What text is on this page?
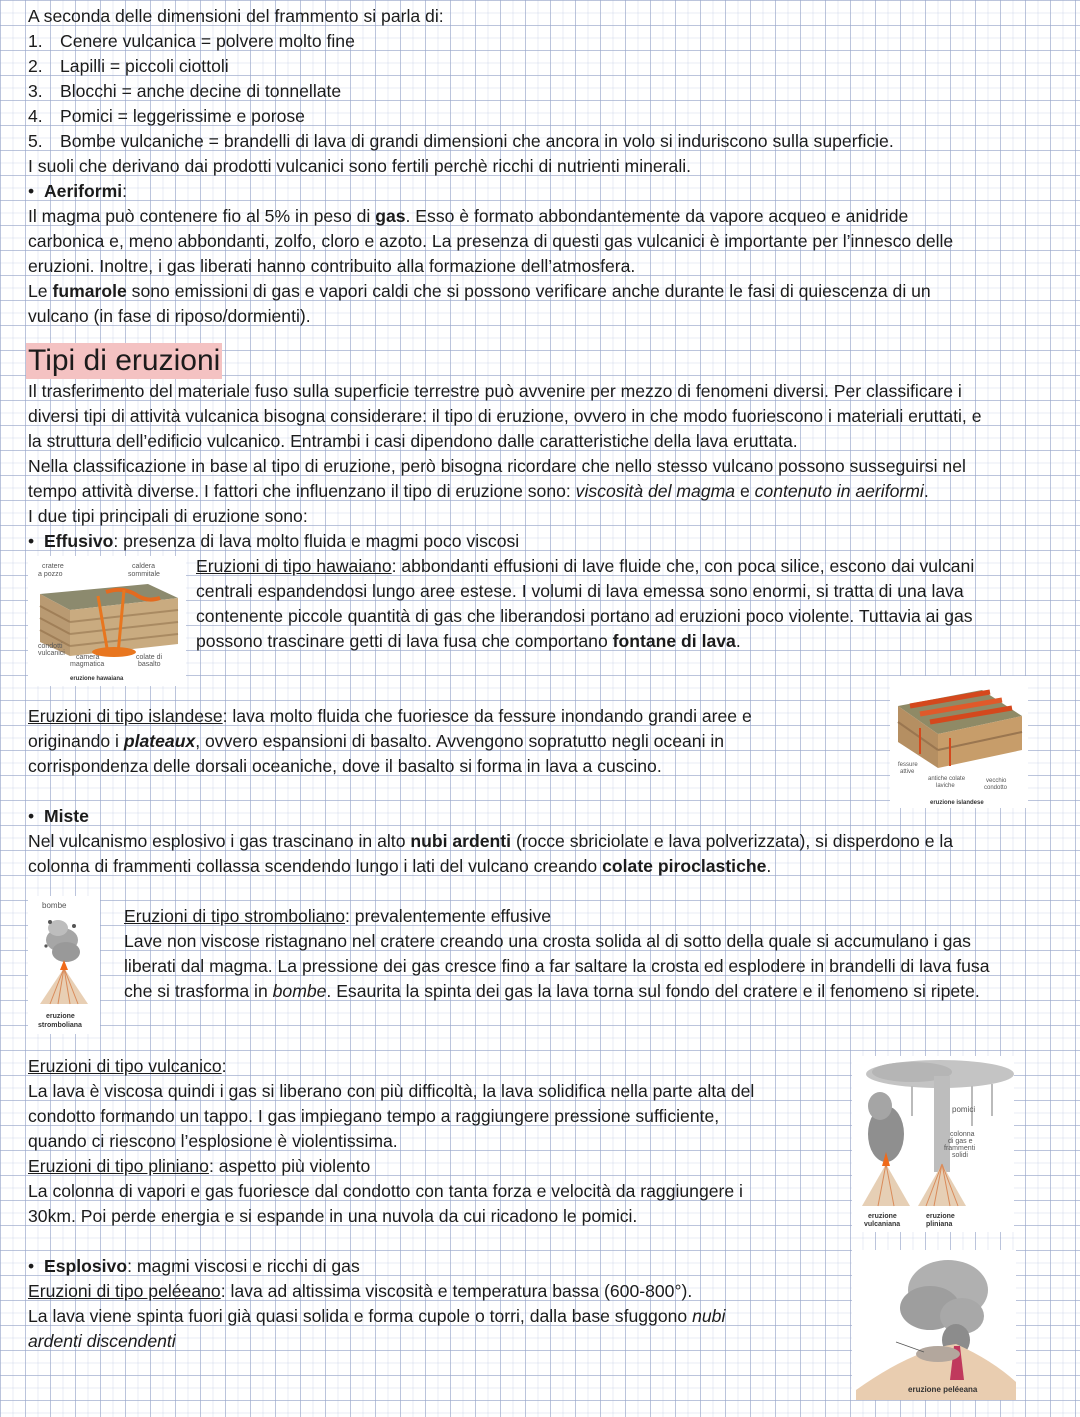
A seconda delle dimensioni del frammento si parla di:
1. Cenere vulcanica = polvere molto fine
2. Lapilli = piccoli ciottoli
3. Blocchi = anche decine di tonnellate
4. Pomici = leggerissime e porose
5. Bombe vulcaniche = brandelli di lava di grandi dimensioni che ancora in volo si induriscono sulla superficie.
I suoli che derivano dai prodotti vulcanici sono fertili perchè ricchi di nutrienti minerali.
• Aeriformi:
Il magma può contenere fio al 5% in peso di gas. Esso è formato abbondantemente da vapore acqueo e anidride
carbonica e, meno abbondanti, zolfo, cloro e azoto. La presenza di questi gas vulcanici è importante per l’innesco delle
eruzioni. Inoltre, i gas liberati hanno contribuito alla formazione dell’atmosfera.
Le fumarole sono emissioni di gas e vapori caldi che si possono verificare anche durante le fasi di quiescenza di un
vulcano (in fase di riposo/dormienti).
Tipi di eruzioni
Il trasferimento del materiale fuso sulla superficie terrestre può avvenire per mezzo di fenomeni diversi. Per classificare i
diversi tipi di attività vulcanica bisogna considerare: il tipo di eruzione, ovvero in che modo fuoriescono i materiali eruttati, e
la struttura dell’edificio vulcanico. Entrambi i casi dipendono dalle caratteristiche della lava eruttata.
Nella classificazione in base al tipo di eruzione, però bisogna ricordare che nello stesso vulcano possono susseguirsi nel
tempo attività diverse. I fattori che influenzano il tipo di eruzione sono: viscosità del magma e contenuto in aeriformi.
I due tipi principali di eruzione sono:
• Effusivo: presenza di lava molto fluida e magmi poco viscosi
cratere
a pozzo
caldera
sommitale
condotti
vulcanici
camera
magmatica
colate di
basalto
eruzione hawaiana
Eruzioni di tipo hawaiano: abbondanti effusioni di lave fluide che, con poca silice, escono dai vulcani
centrali espandendosi lungo aree estese. I volumi di lava emessa sono enormi, si tratta di una lava
contenente piccole quantità di gas che liberandosi portano ad eruzioni poco violente. Tuttavia ai gas
possono trascinare getti di lava fusa che comportano fontane di lava.
Eruzioni di tipo islandese: lava molto fluida che fuoriesce da fessure inondando grandi aree e
originando i plateaux, ovvero espansioni di basalto. Avvengono sopratutto negli oceani in
corrispondenza delle dorsali oceaniche, dove il basalto si forma in lava a cuscino.	fessure
attive
antiche colate
laviche
vecchio
condotto
eruzione islandese
• Miste
Nel vulcanismo esplosivo i gas trascinano in alto nubi ardenti (rocce sbriciolate e lava polverizzata), si disperdono e la
colonna di frammenti collassa scendendo lungo i lati del vulcano creando colate piroclastiche.
bombe
eruzione
stromboliana
Eruzioni di tipo stromboliano: prevalentemente effusive
Lave non viscose ristagnano nel cratere creando una crosta solida al di sotto della quale si accumulano i gas
liberati dal magma. La pressione dei gas cresce fino a far saltare la crosta ed esplodere in brandelli di lava fusa
che si trasforma in bombe. Esaurita la spinta dei gas la lava torna sul fondo del cratere e il fenomeno si ripete.
Eruzioni di tipo vulcanico:
La lava è viscosa quindi i gas si liberano con più difficoltà, la lava solidifica nella parte alta del
condotto formando un tappo. I gas impiegano tempo a raggiungere pressione sufficiente,
quando ci riescono l’esplosione è violentissima.
Eruzioni di tipo pliniano: aspetto più violento
La colonna di vapori e gas fuoriesce dal condotto con tanta forza e velocità da raggiungere i
30km. Poi perde energia e si espande in una nuvola da cui ricadono le pomici.
pomici
colonna
di gas e
frammenti
solidi
eruzione
vulcaniana
eruzione
pliniana
• Esplosivo: magmi viscosi e ricchi di gas
Eruzioni di tipo peléeano: lava ad altissima viscosità e temperatura bassa (600-800°).
La lava viene spinta fuori già quasi solida e forma cupole o torri, dalla base sfuggono nubi
ardenti discendenti
nube
ardente
eruzione peléeana
